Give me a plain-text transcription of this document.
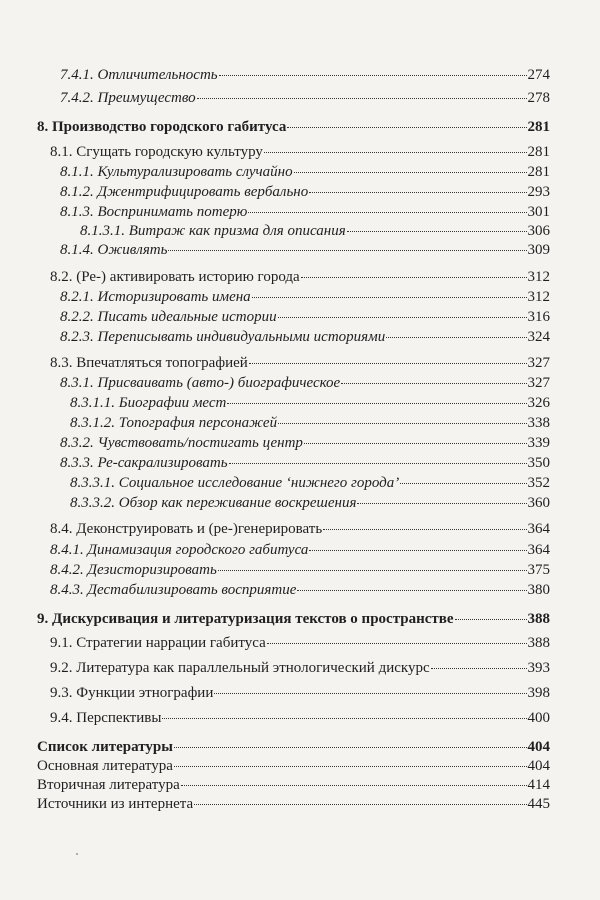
7.4.1. Отличительность	274
7.4.2. Преимущество	278
8. Производство городского габитуса	281
8.1. Сгущать городскую культуру	281
8.1.1. Культурализировать случайно	281
8.1.2. Джентрифицировать вербально	293
8.1.3. Воспринимать потерю	301
8.1.3.1. Витраж как призма для описания	306
8.1.4. Оживлять	309
8.2. (Ре-) активировать историю города	312
8.2.1. Историзировать имена	312
8.2.2. Писать идеальные истории	316
8.2.3. Переписывать индивидуальными историями	324
8.3. Впечатляться топографией	327
8.3.1. Присваивать (авто-) биографическое	327
8.3.1.1. Биографии мест	326
8.3.1.2. Топография персонажей	338
8.3.2. Чувствовать/постигать центр	339
8.3.3. Ре-сакрализировать	350
8.3.3.1. Социальное исследование ‘нижнего города’	352
8.3.3.2. Обзор как переживание воскрешения	360
8.4. Деконструировать и (ре-)генерировать	364
8.4.1. Динамизация городского габитуса	364
8.4.2. Дезисторизировать	375
8.4.3. Дестабилизировать восприятие	380
9. Дискурсивация и литературизация текстов о пространстве	388
9.1. Стратегии наррации габитуса	388
9.2. Литература как параллельный этнологический дискурс	393
9.3. Функции этнографии	398
9.4. Перспективы	400
Список литературы	404
Основная литература	404
Вторичная литература	414
Источники из интернета	445
